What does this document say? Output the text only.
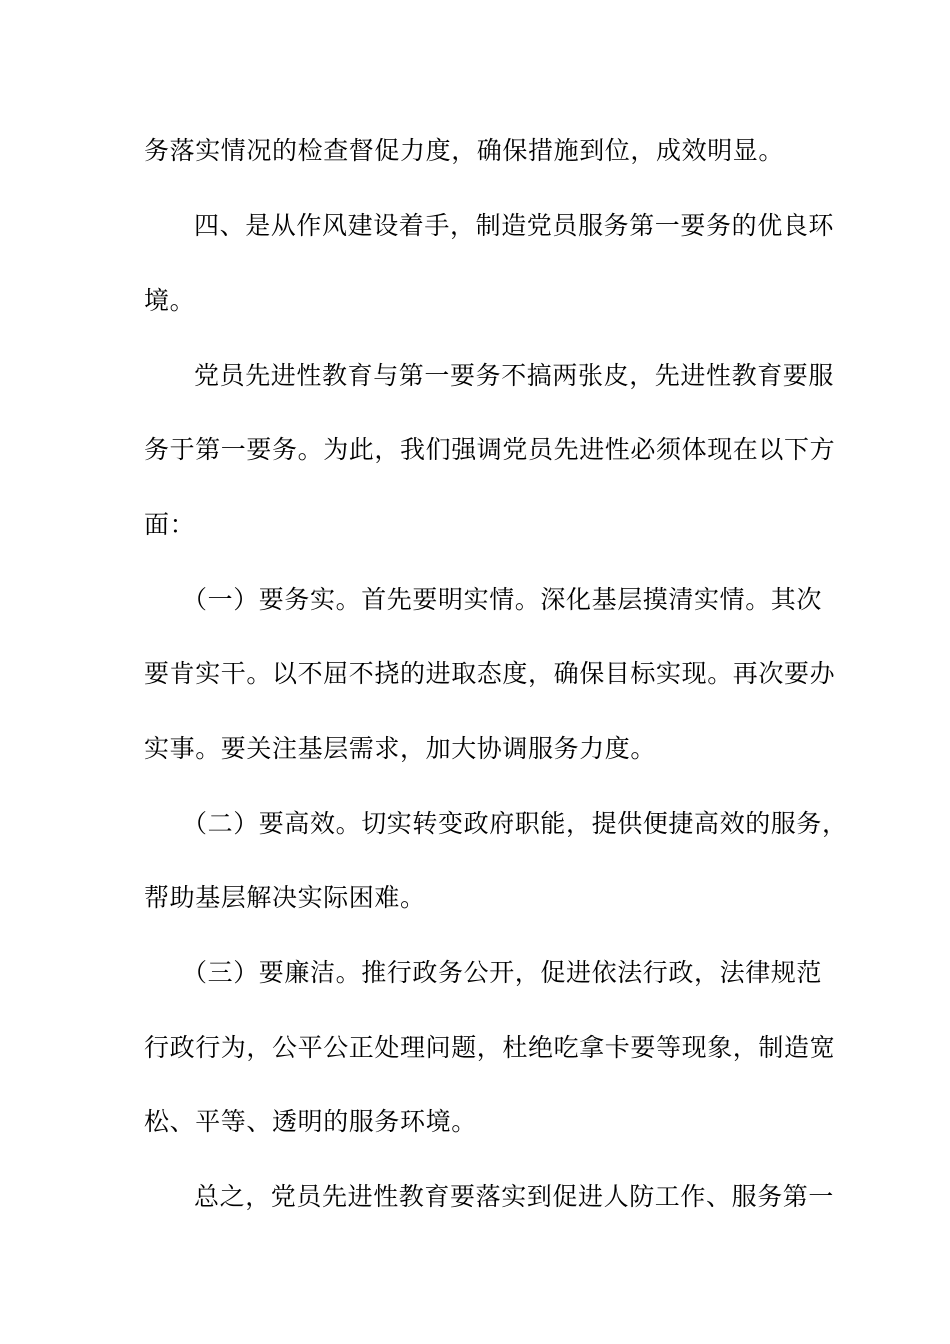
务落实情况的检查督促力度，确保措施到位，成效明显。
四、是从作风建设着手，制造党员服务第一要务的优良环
境。
党员先进性教育与第一要务不搞两张皮，先进性教育要服
务于第一要务。为此，我们强调党员先进性必须体现在以下方
面：
（一）要务实。首先要明实情。深化基层摸清实情。其次
要肯实干。以不屈不挠的进取态度，确保目标实现。再次要办
实事。要关注基层需求，加大协调服务力度。
（二）要高效。切实转变政府职能，提供便捷高效的服务，
帮助基层解决实际困难。
（三）要廉洁。推行政务公开，促进依法行政，法律规范
行政行为，公平公正处理问题，杜绝吃拿卡要等现象，制造宽
松、平等、透明的服务环境。
总之，党员先进性教育要落实到促进人防工作、服务第一
